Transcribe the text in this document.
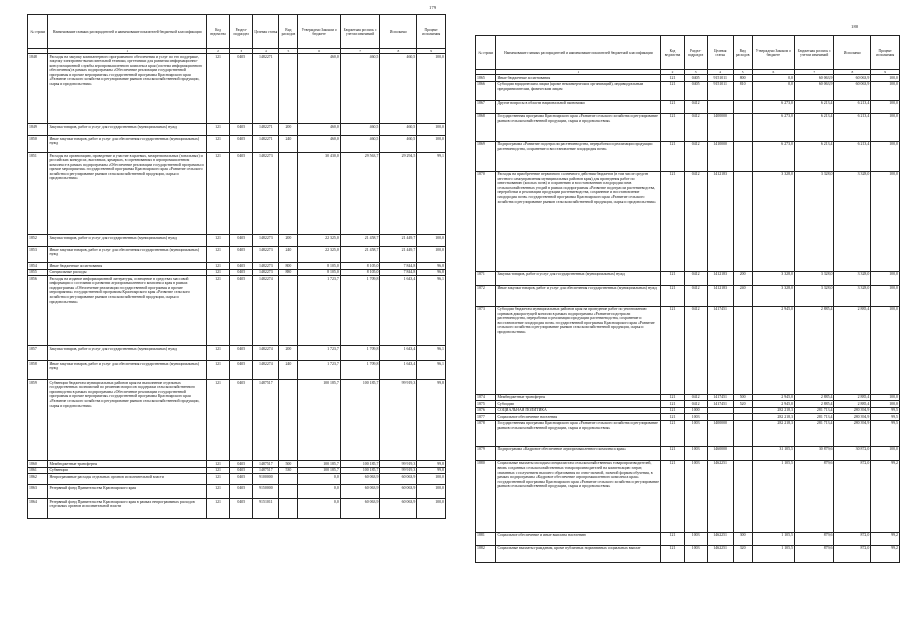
179
№ строки	Наименование главных распорядителей и наименование показателей бюджетной классификации	Код ведомства	Раздел-подраздел	Целевая статья	Вид расходов	Утверждено Законом о бюджете	Бюджетная роспись с учетом изменений	Исполнено	Процент исполнения
	1	2	3	4	5	6	7	8	9
1848	Расходы на закупку компьютерного программного обеспечения и услуг по его поддержке, закупку электронно-вычислительной техники, оргтехники для развития информационно-консультационной службы агропромышленного комплекса края (система информационного обеспечения) в рамках подпрограммы «Обеспечение реализации государственной программы и прочие мероприятия» государственной программы Красноярского края «Развитие сельского хозяйства и регулирование рынков сельскохозяйственной продукции, сырья и продовольствия»	121	0405	1482271		460,0	460,5	460,5	100,0
1849	Закупка товаров, работ и услуг для государственных (муниципальных) нужд	121	0405	1482271	200	460,0	460,5	460,5	100,0
1850	Иные закупки товаров, работ и услуг для обеспечения государственных (муниципальных) нужд	121	0405	1482271	240	460,0	460,5	460,5	100,0
1851	Расходы на организацию, проведение и участие в краевых, межрегиональных (зональных) и российских конкурсах, выставках, ярмарках, в соревнованиях в агропромышленном комплексе в рамках подпрограммы «Обеспечение реализации государственной программы и прочие мероприятия» государственной программы Красноярского края «Развитие сельского хозяйства и регулирование рынков сельскохозяйственной продукции, сырья и продовольствия»	121	0405	1482273		30 430,0	29 563,7	29 294,5	99,1
1852	Закупка товаров, работ и услуг для государственных (муниципальных) нужд	121	0405	1482273	200	22 325,0	21 458,7	21 449,7	100,0
1853	Иные закупки товаров, работ и услуг для обеспечения государственных (муниципальных) нужд	121	0405	1482273	240	22 325,0	21 458,7	21 449,7	100,0
1854	Иные бюджетные ассигнования	121	0405	1482273	800	8 105,0	8 105,0	7 844,8	96,8
1855	Специальные расходы	121	0405	1482273	880	8 105,0	8 105,0	7 844,8	96,8
1856	Расходы на издание информационной литературы, освещение в средствах массовой информации о состоянии и развитии агропромышленного комплекса края в рамках подпрограммы «Обеспечение реализации государственной программы и прочие мероприятия» государственной программы Красноярского края «Развитие сельского хозяйства и регулирование рынков сельскохозяйственной продукции, сырья и продовольствия»	121	0405	1482274		1 723,7	1 709,8	1 643,4	96,1
1857	Закупка товаров, работ и услуг для государственных (муниципальных) нужд	121	0405	1482274	200	1 723,7	1 709,8	1 643,4	96,1
1858	Иные закупки товаров, работ и услуг для обеспечения государственных (муниципальных) нужд	121	0405	1482274	240	1 723,7	1 709,8	1 643,4	96,1
1859	Субвенции бюджетам муниципальных районов края на выполнение отдельных государственных полномочий по решению вопросов поддержки сельскохозяйственного производства в рамках подпрограммы «Обеспечение реализации государственной программы и прочие мероприятия» государственной программы Красноярского края «Развитие сельского хозяйства и регулирование рынков сельскохозяйственной продукции, сырья и продовольствия»	121	0405	1487517		100 185,7	100 185,7	99 919,3	99,8
1860	Межбюджетные трансферты	121	0405	1487517	500	100 185,7	100 185,7	99 919,3	99,8
1861	Субвенции	121	0405	1487517	530	100 185,7	100 185,7	99 919,3	99,8
1862	Непрограммные расходы отдельных органов исполнительной власти	121	0405	9100000		0,0	60 063,9	60 063,9	100,0
1863	Резервный фонд Правительства Красноярского края	121	0405	9150000		0,0	60 063,9	60 063,9	100,0
1864	Резервный фонд Правительства Красноярского края в рамках непрограммных расходов отдельных органов исполнительной власти	121	0405	9151011		0,0	60 063,9	60 063,9	100,0
180
№ строки	Наименование главных распорядителей и наименование показателей бюджетной классификации	Код ведомства	Раздел-подраздел	Целевая статья	Вид расходов	Утверждено Законом о бюджете	Бюджетная роспись с учетом изменений	Исполнено	Процент исполнения
	1	2	3	4	5	6	7	8	9
1865	Иные бюджетные ассигнования	121	0405	9151011	800	0,0	60 063,9	60 063,9	100,0
1866	Субсидии юридическим лицам (кроме некоммерческих организаций), индивидуальным предпринимателям, физическим лицам	121	0405	9151011	810	0,0	60 063,9	60 063,9	100,0
1867	Другие вопросы в области национальной экономики	121	0412			6 273,0	6 213,4	6 213,4	100,0
1868	Государственная программа Красноярского края «Развитие сельского хозяйства и регулирование рынков сельскохозяйственной продукции, сырья и продовольствия»	121	0412	1400000		6 273,0	6 213,4	6 213,4	100,0
1869	Подпрограмма «Развитие подотрасли растениеводства, переработки и реализации продукции растениеводства, сохранение и восстановление плодородия почв»	121	0412	1410000		6 273,0	6 213,4	6 213,4	100,0
1870	Расходы на приобретение первичного солнечного действия бюджетов (в том числе средств местного самоуправления муниципальных районов края) для проведения работ по известкованию (кислых почв) и сохранению и восстановлению плодородия почв сельскохозяйственных угодий в рамках подпрограммы «Развитие подотрасли растениеводства, переработки и реализации продукции растениеводства, сохранение и восстановление плодородия почв» государственной программы Красноярского края «Развитие сельского хозяйства и регулирование рынков сельскохозяйственной продукции, сырья и продовольствия»	121	0412	1412183		3 328,0	3 328,0	3 328,0	100,0
1871	Закупка товаров, работ и услуг для государственных (муниципальных) нужд	121	0412	1412183	200	3 328,0	3 328,0	3 328,0	100,0
1872	Иные закупки товаров, работ и услуг для обеспечения государственных (муниципальных) нужд	121	0412	1412183	240	3 328,0	3 328,0	3 328,0	100,0
1873	Субсидии бюджетам муниципальных районов края на проведение работ по уничтожению сорняков дикорастущей конопли в рамках подпрограммы «Развитие подотрасли растениеводства, переработки и реализации продукции растениеводства, сохранение и восстановление плодородия почв» государственной программы Красноярского края «Развитие сельского хозяйства и регулирование рынков сельскохозяйственной продукции, сырья и продовольствия»	121	0412	1417451		2 945,0	2 885,4	2 885,4	100,0
1874	Межбюджетные трансферты	121	0412	1417451	500	2 945,0	2 885,4	2 885,4	100,0
1875	Субсидии	121	0412	1417451	520	2 945,0	2 885,4	2 885,4	100,0
1876	СОЦИАЛЬНАЯ ПОЛИТИКА	121	1000			282 218,3	281 713,4	280 394,9	99,5
1877	Социальное обеспечение населения	121	1003			282 218,3	281 713,4	280 394,9	99,5
1878	Государственная программа Красноярского края «Развитие сельского хозяйства и регулирование рынков сельскохозяйственной продукции, сырья и продовольствия»	121	1003	1400000		282 218,3	281 713,4	280 394,9	99,5
1879	Подпрограмма «Кадровое обеспечение агропромышленного комплекса края»	121	1003	1460000		31 105,5	30 879,6	30 872,0	100,0
1880	Социальные выплаты молодым специалистам сельскохозяйственных товаропроизводителей, вновь созданных сельскохозяйственных товаропроизводителей на компенсацию затрат, связанных с получением высшего образования по очно-заочной, заочной формам обучения, в рамках подпрограммы «Кадровое обеспечение агропромышленного комплекса края» государственной программы Красноярского края «Развитие сельского хозяйства и регулирование рынков сельскохозяйственной продукции, сырья и продовольствия»	121	1003	1462251		1 105,5	879,6	872,0	99,2
1881	Социальное обеспечение и иные выплаты населению	121	1003	1462251	300	1 105,5	879,6	872,0	99,2
1882	Социальные выплаты гражданам, кроме публичных нормативных социальных выплат	121	1003	1462251	320	1 105,5	879,6	872,0	99,2
